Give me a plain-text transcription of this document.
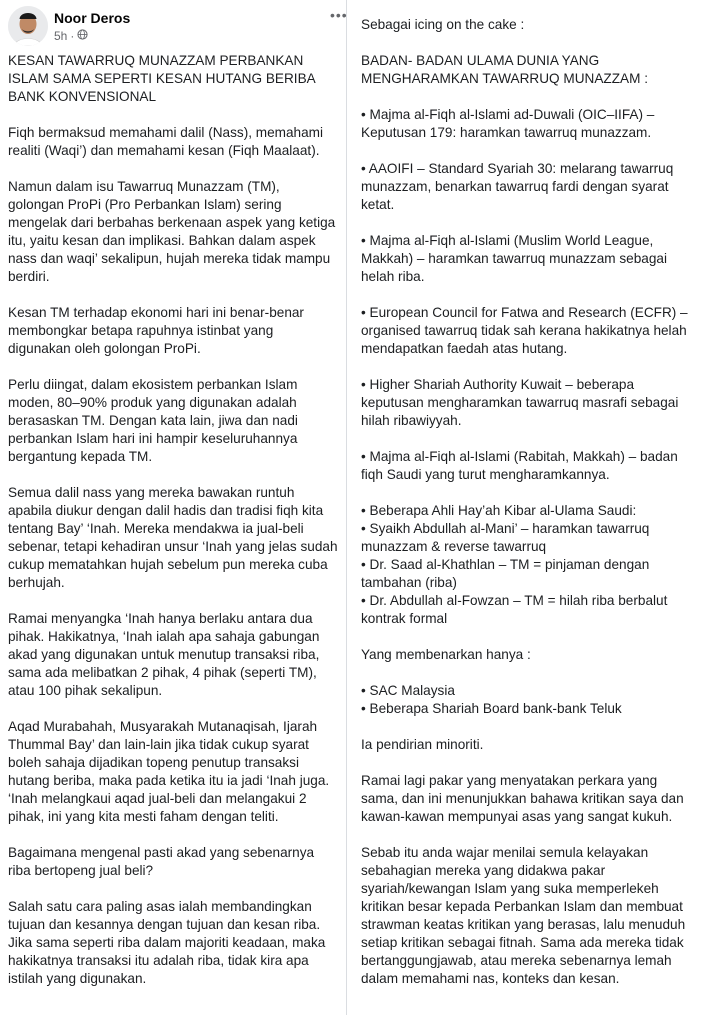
Noor Deros
5h ·
•••

KESAN TAWARRUQ MUNAZZAM PERBANKAN ISLAM SAMA SEPERTI KESAN HUTANG BERIBA BANK KONVENSIONAL

Fiqh bermaksud memahami dalil (Nass), memahami realiti (Waqi’) dan memahami kesan (Fiqh Maalaat).

Namun dalam isu Tawarruq Munazzam (TM), golongan ProPi (Pro Perbankan Islam) sering mengelak dari berbahas berkenaan aspek yang ketiga itu, yaitu kesan dan implikasi. Bahkan dalam aspek nass dan waqi’ sekalipun, hujah mereka tidak mampu berdiri.

Kesan TM terhadap ekonomi hari ini benar-benar membongkar betapa rapuhnya istinbat yang digunakan oleh golongan ProPi.

Perlu diingat, dalam ekosistem perbankan Islam moden, 80–90% produk yang digunakan adalah berasaskan TM. Dengan kata lain, jiwa dan nadi perbankan Islam hari ini hampir keseluruhannya bergantung kepada TM.

Semua dalil nass yang mereka bawakan runtuh apabila diukur dengan dalil hadis dan tradisi fiqh kita tentang Bay’ ‘Inah. Mereka mendakwa ia jual-beli sebenar, tetapi kehadiran unsur ‘Inah yang jelas sudah cukup mematahkan hujah sebelum pun mereka cuba berhujah.

Ramai menyangka ‘Inah hanya berlaku antara dua pihak. Hakikatnya, ‘Inah ialah apa sahaja gabungan akad yang digunakan untuk menutup transaksi riba, sama ada melibatkan 2 pihak, 4 pihak (seperti TM), atau 100 pihak sekalipun.

Aqad Murabahah, Musyarakah Mutanaqisah, Ijarah Thummal Bay’ dan lain-lain jika tidak cukup syarat boleh sahaja dijadikan topeng penutup transaksi hutang beriba, maka pada ketika itu ia jadi ‘Inah juga. ‘Inah melangkaui aqad jual-beli dan melangakui 2 pihak, ini yang kita mesti faham dengan teliti.

Bagaimana mengenal pasti akad yang sebenarnya riba bertopeng jual beli?

Salah satu cara paling asas ialah membandingkan tujuan dan kesannya dengan tujuan dan kesan riba. Jika sama seperti riba dalam majoriti keadaan, maka hakikatnya transaksi itu adalah riba, tidak kira apa istilah yang digunakan.

Sebagai icing on the cake :

BADAN- BADAN ULAMA DUNIA YANG
MENGHARAMKAN TAWARRUQ MUNAZZAM :

• Majma al-Fiqh al-Islami ad-Duwali (OIC–IIFA) – Keputusan 179: haramkan tawarruq munazzam.

• AAOIFI – Standard Syariah 30: melarang tawarruq munazzam, benarkan tawarruq fardi dengan syarat ketat.

• Majma al-Fiqh al-Islami (Muslim World League, Makkah) – haramkan tawarruq munazzam sebagai helah riba.

• European Council for Fatwa and Research (ECFR) – organised tawarruq tidak sah kerana hakikatnya helah mendapatkan faedah atas hutang.

• Higher Shariah Authority Kuwait – beberapa keputusan mengharamkan tawarruq masrafi sebagai hilah ribawiyyah.

• Majma al-Fiqh al-Islami (Rabitah, Makkah) – badan fiqh Saudi yang turut mengharamkannya.

• Beberapa Ahli Hay’ah Kibar al-Ulama Saudi:
• Syaikh Abdullah al-Mani’ – haramkan tawarruq munazzam & reverse tawarruq
• Dr. Saad al-Khathlan – TM = pinjaman dengan tambahan (riba)
• Dr. Abdullah al-Fowzan – TM = hilah riba berbalut kontrak formal

Yang membenarkan hanya :

• SAC Malaysia
• Beberapa Shariah Board bank-bank Teluk

Ia pendirian minoriti.

Ramai lagi pakar yang menyatakan perkara yang sama, dan ini menunjukkan bahawa kritikan saya dan kawan-kawan mempunyai asas yang sangat kukuh.

Sebab itu anda wajar menilai semula kelayakan sebahagian mereka yang didakwa pakar syariah/kewangan Islam yang suka memperlekeh kritikan besar kepada Perbankan Islam dan membuat strawman keatas kritikan yang berasas, lalu menuduh setiap kritikan sebagai fitnah. Sama ada mereka tidak bertanggungjawab, atau mereka sebenarnya lemah dalam memahami nas, konteks dan kesan.
